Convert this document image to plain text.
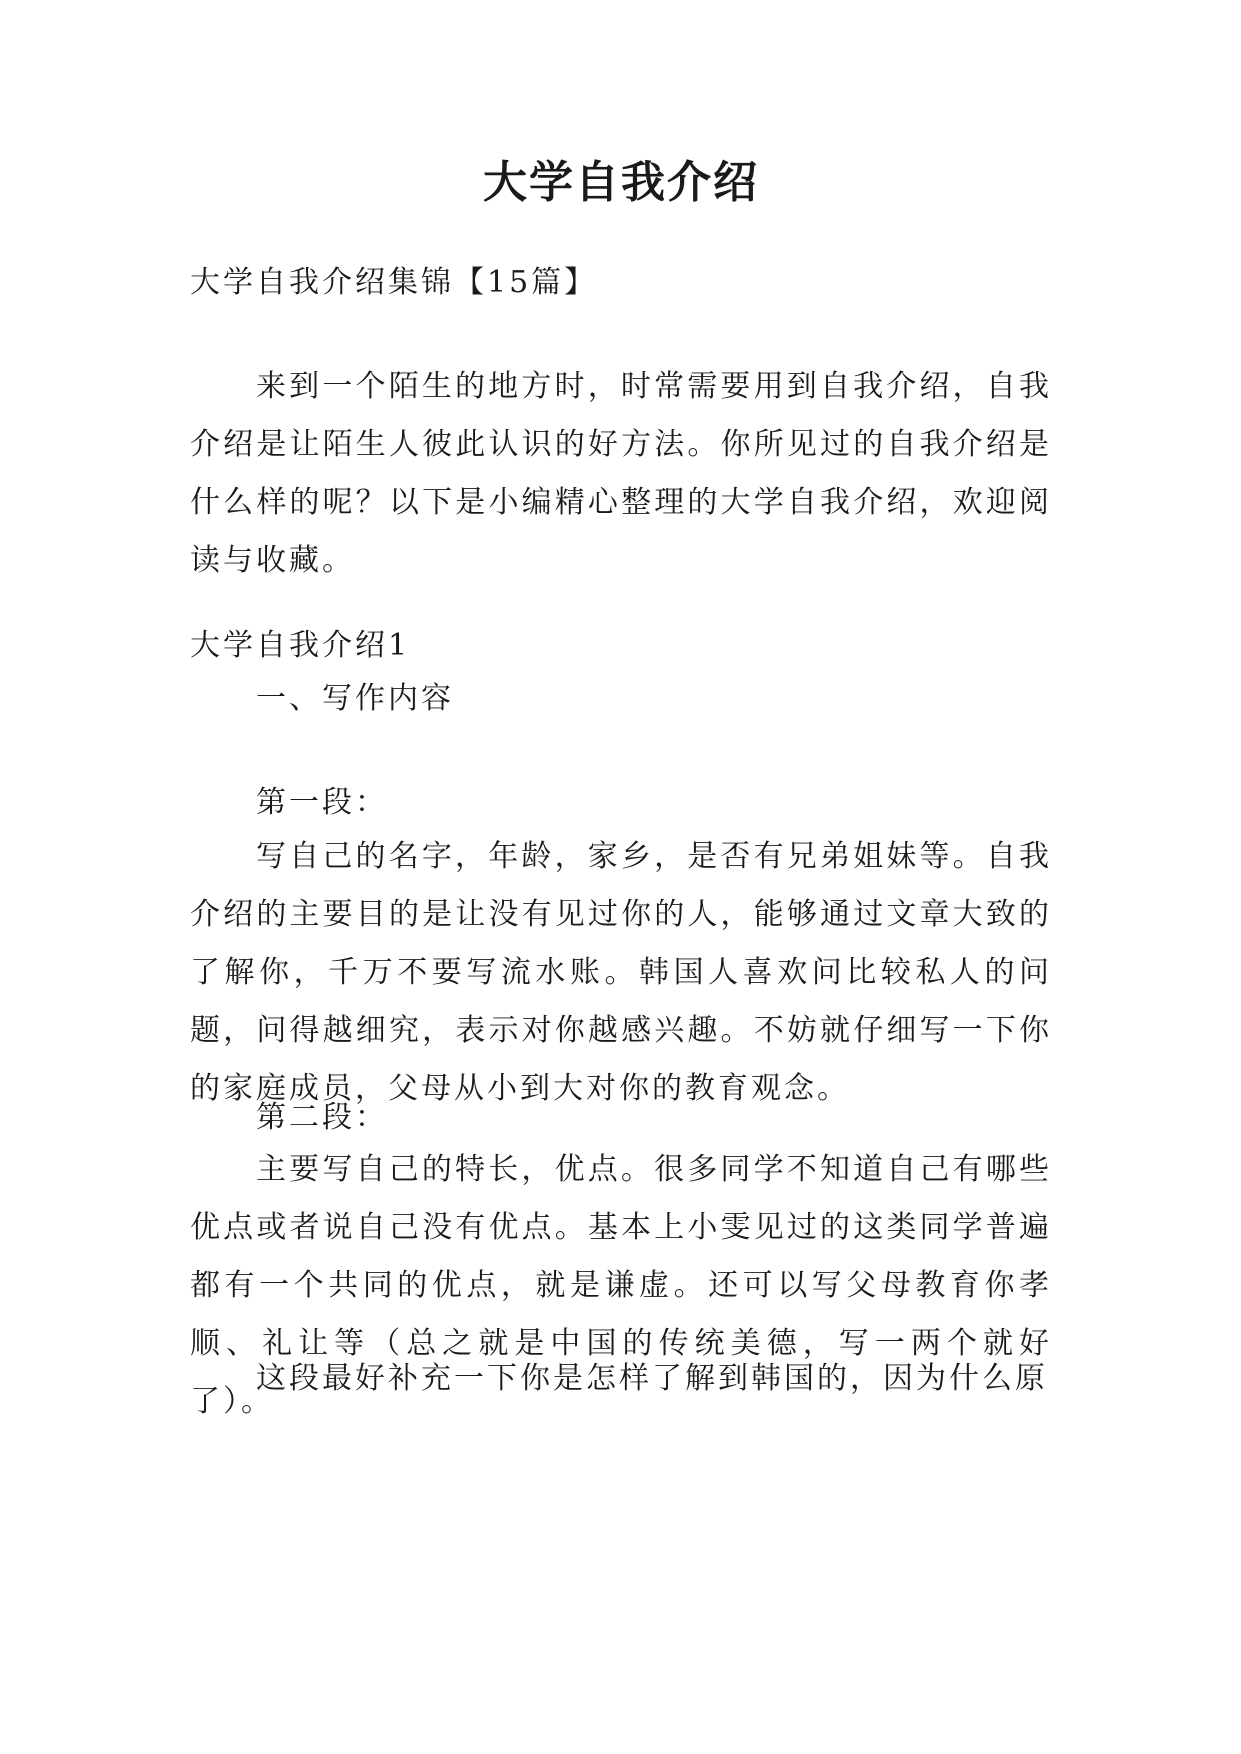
大学自我介绍

大学自我介绍集锦【15篇】

来到一个陌生的地方时，时常需要用到自我介绍，自我介绍是让陌生人彼此认识的好方法。你所见过的自我介绍是什么样的呢？以下是小编精心整理的大学自我介绍，欢迎阅读与收藏。

大学自我介绍1

一、写作内容

第一段：

写自己的名字，年龄，家乡，是否有兄弟姐妹等。自我介绍的主要目的是让没有见过你的人，能够通过文章大致的了解你，千万不要写流水账。韩国人喜欢问比较私人的问题，问得越细究，表示对你越感兴趣。不妨就仔细写一下你的家庭成员，父母从小到大对你的教育观念。

第二段：

主要写自己的特长，优点。很多同学不知道自己有哪些优点或者说自己没有优点。基本上小雯见过的这类同学普遍都有一个共同的优点，就是谦虚。还可以写父母教育你孝顺、礼让等（总之就是中国的传统美德，写一两个就好了）。

这段最好补充一下你是怎样了解到韩国的，因为什么原
